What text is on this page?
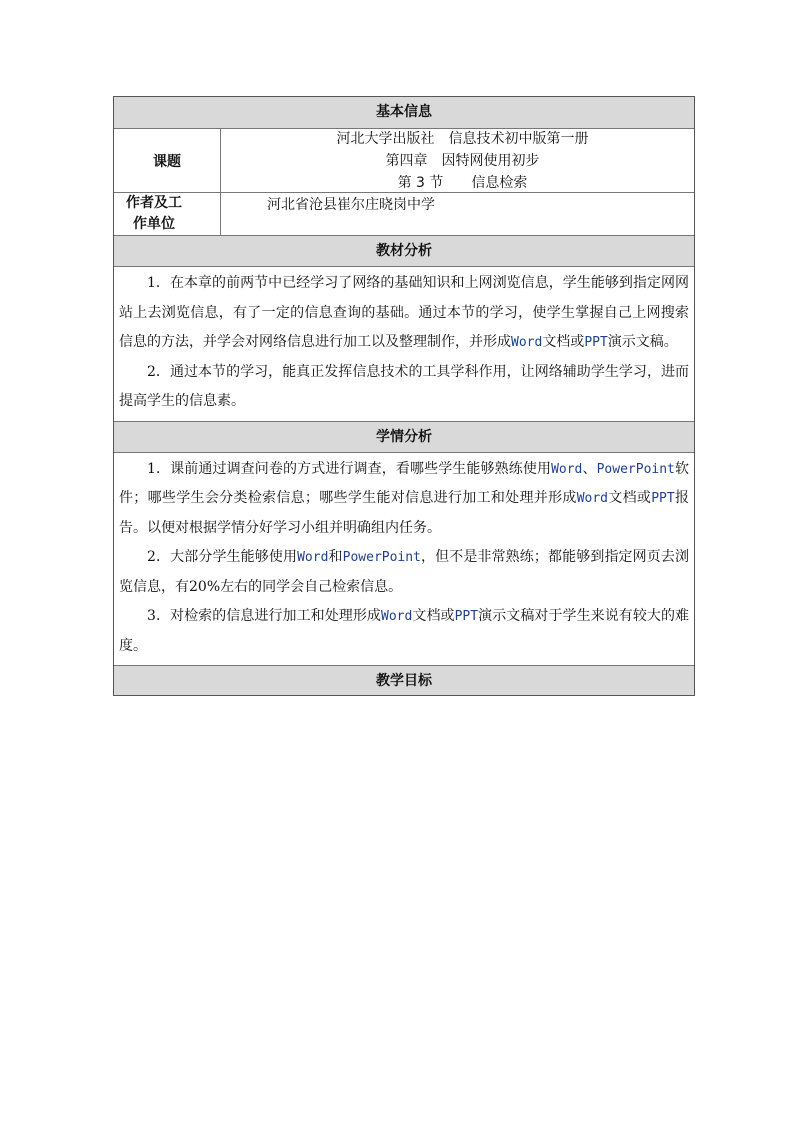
基本信息
课题
河北大学出版社　信息技术初中版第一册
第四章　因特网使用初步
第 3 节　　信息检索
作者及工
作单位
河北省沧县崔尔庄晓岗中学
教材分析

1．在本章的前两节中已经学习了网络的基础知识和上网浏览信息，学生能够到指定网网站上去浏览信息，有了一定的信息查询的基础。通过本节的学习，使学生掌握自己上网搜索信息的方法，并学会对网络信息进行加工以及整理制作，并形成Word文档或PPT演示文稿。

2．通过本节的学习，能真正发挥信息技术的工具学科作用，让网络辅助学生学习，进而提高学生的信息素。

学情分析

1．课前通过调查问卷的方式进行调查，看哪些学生能够熟练使用Word、PowerPoint软件；哪些学生会分类检索信息；哪些学生能对信息进行加工和处理并形成Word文档或PPT报告。以便对根据学情分好学习小组并明确组内任务。

2．大部分学生能够使用Word和PowerPoint，但不是非常熟练；都能够到指定网页去浏览信息，有20%左右的同学会自己检索信息。

3．对检索的信息进行加工和处理形成Word文档或PPT演示文稿对于学生来说有较大的难度。

教学目标
